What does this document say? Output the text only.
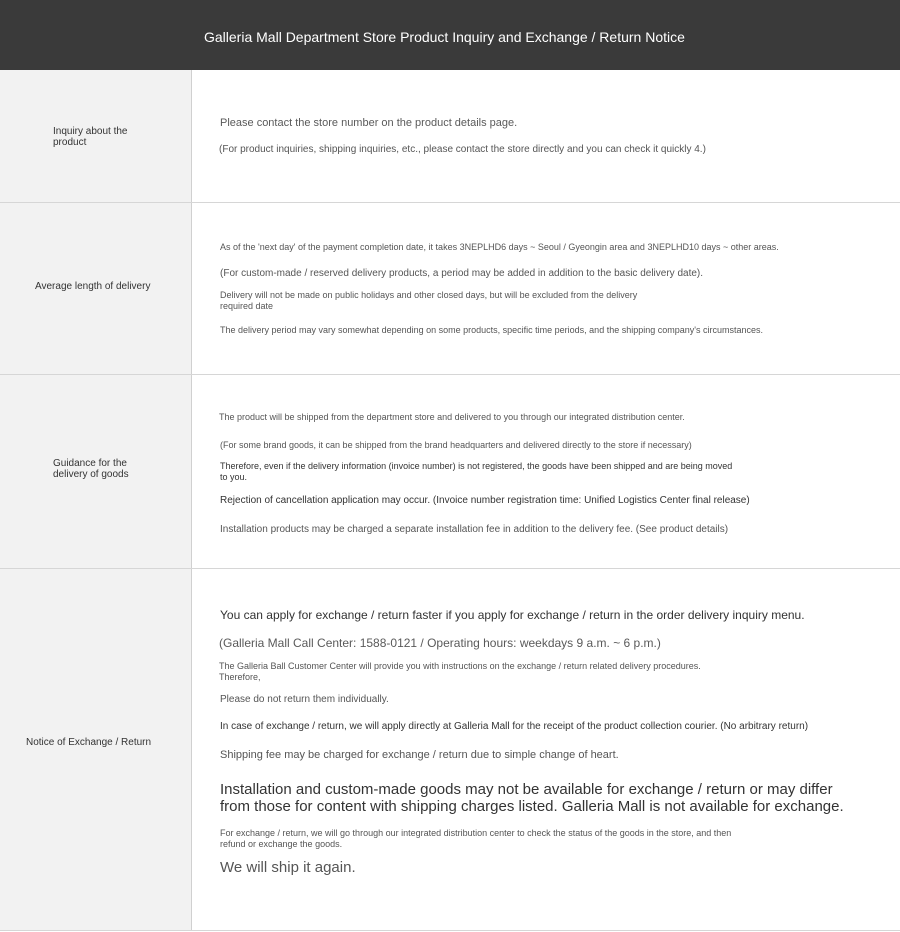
Galleria Mall Department Store Product Inquiry and Exchange / Return Notice
Inquiry about the
product
Please contact the store number on the product details page.
(For product inquiries, shipping inquiries, etc., please contact the store directly and you can check it quickly 4.)
Average length of delivery
As of the 'next day' of the payment completion date, it takes 3NEPLHD6 days ~ Seoul / Gyeongin area and 3NEPLHD10 days ~ other areas.
(For custom-made / reserved delivery products, a period may be added in addition to the basic delivery date).
Delivery will not be made on public holidays and other closed days, but will be excluded from the delivery
required date
The delivery period may vary somewhat depending on some products, specific time periods, and the shipping company's circumstances.
Guidance for the
delivery of goods
The product will be shipped from the department store and delivered to you through our integrated distribution center.
(For some brand goods, it can be shipped from the brand headquarters and delivered directly to the store if necessary)
Therefore, even if the delivery information (invoice number) is not registered, the goods have been shipped and are being moved
to you.
Rejection of cancellation application may occur. (Invoice number registration time: Unified Logistics Center final release)
Installation products may be charged a separate installation fee in addition to the delivery fee. (See product details)
Notice of Exchange / Return
You can apply for exchange / return faster if you apply for exchange / return in the order delivery inquiry menu.
(Galleria Mall Call Center: 1588-0121 / Operating hours: weekdays 9 a.m. ~ 6 p.m.)
The Galleria Ball Customer Center will provide you with instructions on the exchange / return related delivery procedures.
Therefore,
Please do not return them individually.
In case of exchange / return, we will apply directly at Galleria Mall for the receipt of the product collection courier. (No arbitrary return)
Shipping fee may be charged for exchange / return due to simple change of heart.
Installation and custom-made goods may not be available for exchange / return or may differ
from those for content with shipping charges listed. Galleria Mall is not available for exchange.
For exchange / return, we will go through our integrated distribution center to check the status of the goods in the store, and then
refund or exchange the goods.
We will ship it again.
